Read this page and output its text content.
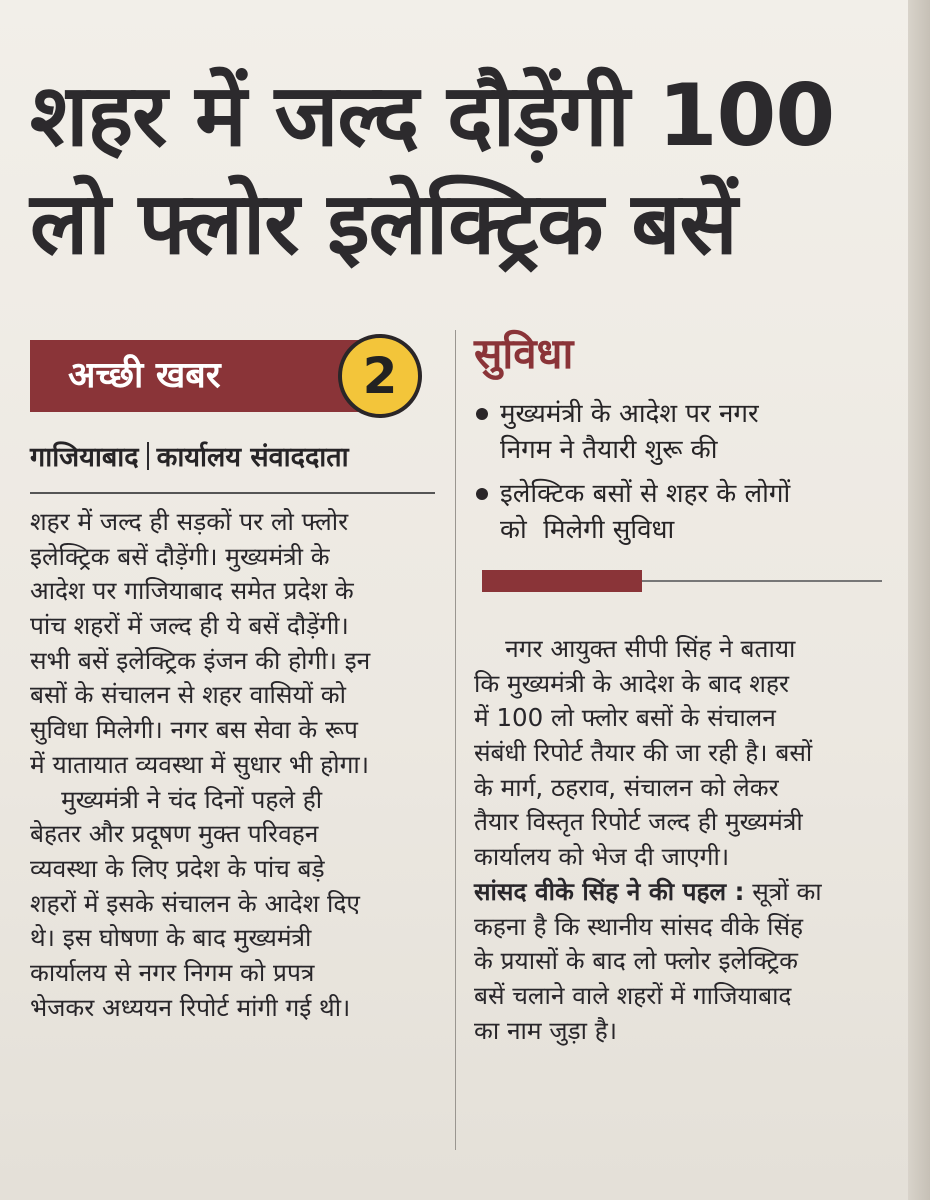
शहर में जल्द दौड़ेंगी 100
लो फ्लोर इलेक्ट्रिक बसें
अच्छी खबर	2
गाजियाबाद कार्यालय संवाददाता
शहर में जल्द ही सड़कों पर लो फ्लोर
इलेक्ट्रिक बसें दौड़ेंगी। मुख्यमंत्री के
आदेश पर गाजियाबाद समेत प्रदेश के
पांच शहरों में जल्द ही ये बसें दौड़ेंगी।
सभी बसें इलेक्ट्रिक इंजन की होगी। इन
बसों के संचालन से शहर वासियों को
सुविधा मिलेगी। नगर बस सेवा के रूप
में यातायात व्यवस्था में सुधार भी होगा।
मुख्यमंत्री ने चंद दिनों पहले ही
बेहतर और प्रदूषण मुक्त परिवहन
व्यवस्था के लिए प्रदेश के पांच बड़े
शहरों में इसके संचालन के आदेश दिए
थे। इस घोषणा के बाद मुख्यमंत्री
कार्यालय से नगर निगम को प्रपत्र
भेजकर अध्ययन रिपोर्ट मांगी गई थी।
सुविधा
मुख्यमंत्री के आदेश पर नगर
निगम ने तैयारी शुरू की
इलेक्टिक बसों से शहर के लोगों
को  मिलेगी सुविधा
नगर आयुक्त सीपी सिंह ने बताया
कि मुख्यमंत्री के आदेश के बाद शहर
में 100 लो फ्लोर बसों के संचालन
संबंधी रिपोर्ट तैयार की जा रही है। बसों
के मार्ग, ठहराव, संचालन को लेकर
तैयार विस्तृत रिपोर्ट जल्द ही मुख्यमंत्री
कार्यालय को भेज दी जाएगी।
सांसद वीके सिंह ने की पहल : सूत्रों का
कहना है कि स्थानीय सांसद वीके सिंह
के प्रयासों के बाद लो फ्लोर इलेक्ट्रिक
बसें चलाने वाले शहरों में गाजियाबाद
का नाम जुड़ा है।
